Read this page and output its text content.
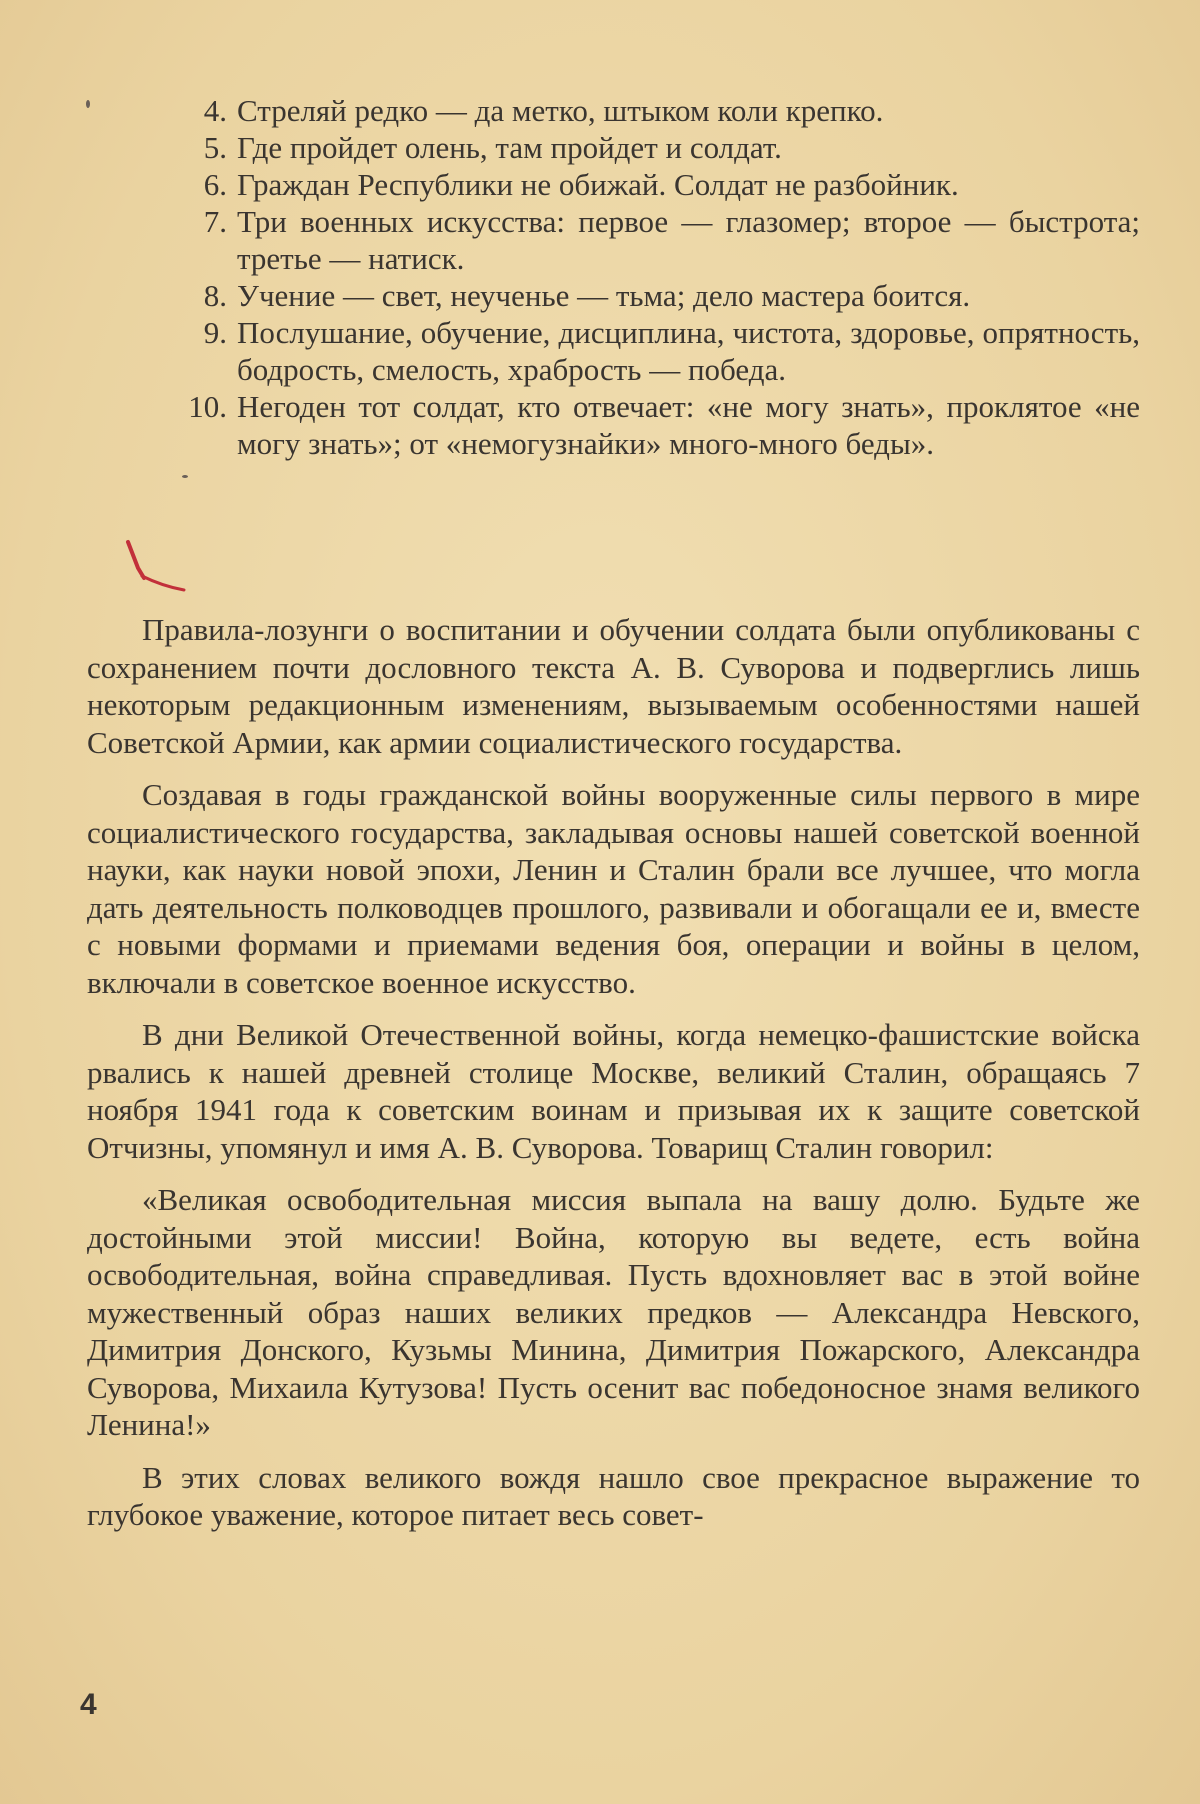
4. Стреляй редко — да метко, штыком коли крепко.
5. Где пройдет олень, там пройдет и солдат.
6. Граждан Республики не обижай. Солдат не разбойник.
7. Три военных искусства: первое — глазомер; второе — быстрота; третье — натиск.
8. Учение — свет, неученье — тьма; дело мастера боится.
9. Послушание, обучение, дисциплина, чистота, здоровье, опрятность, бодрость, смелость, храбрость — победа.
10. Негоден тот солдат, кто отвечает: «не могу знать», проклятое «не могу знать»; от «немогузнайки» много-много беды».

Правила-лозунги о воспитании и обучении солдата были опубликованы с сохранением почти дословного текста А. В. Суворова и подверглись лишь некоторым редакционным изменениям, вызываемым особенностями нашей Советской Армии, как армии социалистического государства.

Создавая в годы гражданской войны вооруженные силы первого в мире социалистического государства, закладывая основы нашей советской военной науки, как науки новой эпохи, Ленин и Сталин брали все лучшее, что могла дать деятельность полководцев прошлого, развивали и обогащали ее и, вместе с новыми формами и приемами ведения боя, операции и войны в целом, включали в советское военное искусство.

В дни Великой Отечественной войны, когда немецко-фашистские войска рвались к нашей древней столице Москве, великий Сталин, обращаясь 7 ноября 1941 года к советским воинам и призывая их к защите советской Отчизны, упомянул и имя А. В. Суворова. Товарищ Сталин говорил:

«Великая освободительная миссия выпала на вашу долю. Будьте же достойными этой миссии! Война, которую вы ведете, есть война освободительная, война справедливая. Пусть вдохновляет вас в этой войне мужественный образ наших великих предков — Александра Невского, Димитрия Донского, Кузьмы Минина, Димитрия Пожарского, Александра Суворова, Михаила Кутузова! Пусть осенит вас победоносное знамя великого Ленина!»

В этих словах великого вождя нашло свое прекрасное выражение то глубокое уважение, которое питает весь совет-

4
